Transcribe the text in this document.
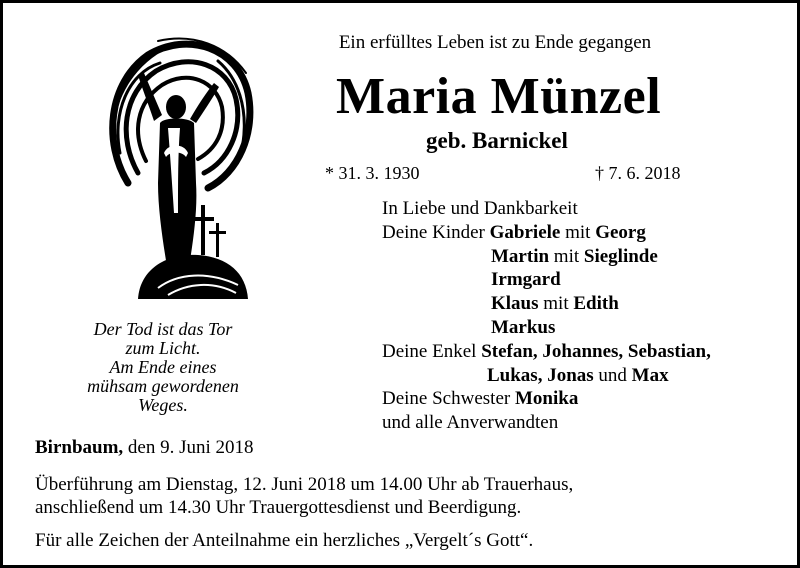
Ein erfülltes Leben ist zu Ende gegangen
Maria Münzel
geb. Barnickel
* 31. 3. 1930	† 7. 6. 2018
In Liebe und Dankbarkeit
Deine Kinder Gabriele mit Georg
Martin mit Sieglinde
Irmgard
Klaus mit Edith
Markus
Deine Enkel Stefan, Johannes, Sebastian,
Lukas, Jonas und Max
Deine Schwester Monika
und alle Anverwandten
Der Tod ist das Tor
zum Licht.
Am Ende eines
mühsam gewordenen
Weges.
Birnbaum, den 9. Juni 2018
Überführung am Dienstag, 12. Juni 2018 um 14.00 Uhr ab Trauerhaus,
anschließend um 14.30 Uhr Trauergottesdienst und Beerdigung.
Für alle Zeichen der Anteilnahme ein herzliches „Vergelt´s Gott“.
